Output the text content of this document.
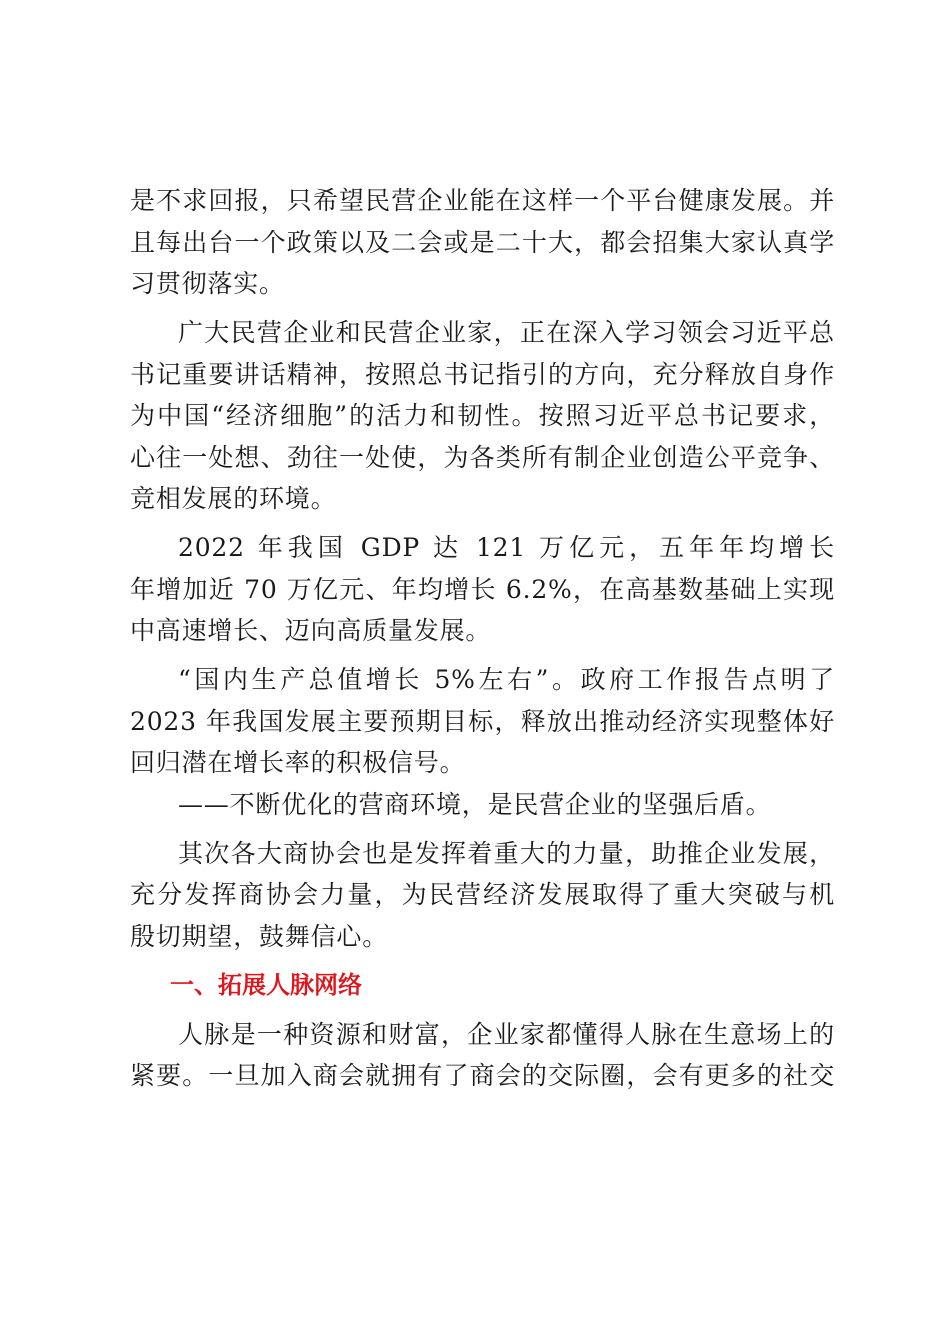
是不求回报，只希望民营企业能在这样一个平台健康发展。并
且每出台一个政策以及二会或是二十大，都会招集大家认真学
习贯彻落实。
广大民营企业和民营企业家，正在深入学习领会习近平总
书记重要讲话精神，按照总书记指引的方向，充分释放自身作
为中国“经济细胞”的活力和韧性。按照习近平总书记要求，
心往一处想、劲往一处使，为各类所有制企业创造公平竞争、
竞相发展的环境。
2022 年我国 GDP 达 121 万亿元，五年年均增长
年增加近 70 万亿元、年均增长 6.2%，在高基数基础上实现
中高速增长、迈向高质量发展。
“国内生产总值增长 5%左右”。政府工作报告点明了
2023 年我国发展主要预期目标，释放出推动经济实现整体好
回归潜在增长率的积极信号。
——不断优化的营商环境，是民营企业的坚强后盾。
其次各大商协会也是发挥着重大的力量，助推企业发展，
充分发挥商协会力量，为民营经济发展取得了重大突破与机
殷切期望，鼓舞信心。
一、拓展人脉网络
人脉是一种资源和财富，企业家都懂得人脉在生意场上的
紧要。一旦加入商会就拥有了商会的交际圈，会有更多的社交
